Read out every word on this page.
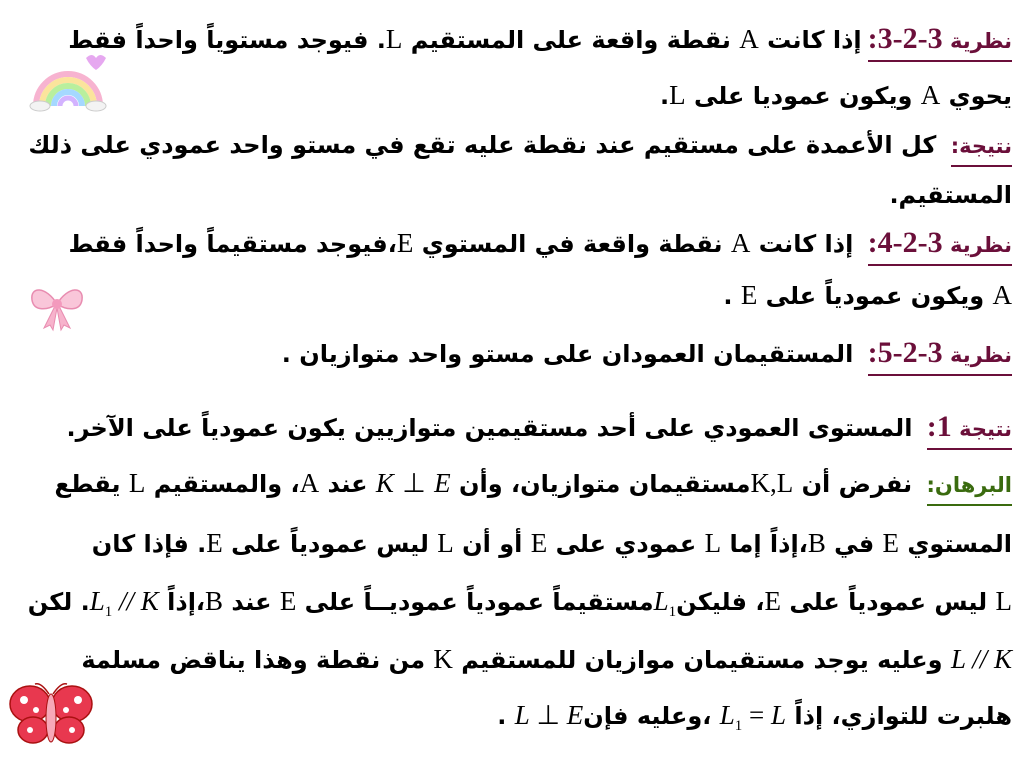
نظرية 3-2-3:إذا كانت A نقطة واقعة على المستقيم L. فيوجد مستوياً واحداً فقط
يحوي A ويكون عموديا على L.
نتيجة: كل الأعمدة على مستقيم عند نقطة عليه تقع في مستو واحد عمودي على ذلك
المستقيم.
نظرية 3-2-4: إذا كانت A نقطة واقعة في المستوي E،فيوجد مستقيماً واحداً فقط
A ويكون عمودياً على E .
نظرية 3-2-5: المستقيمان العمودان على مستو واحد متوازيان .
نتيجة 1: المستوى العمودي على أحد مستقيمين متوازيين يكون عمودياً على الآخر.
البرهان: نفرض أن K,Lمستقيمان متوازيان، وأن K ⊥ E عند A، والمستقيم L يقطع
المستوي E في B،إذاً إما L عمودي على E أو أن L ليس عمودياً على E. فإذا كان
L ليس عمودياً على E، فليكنL$_1$مستقيماً عمودياً عموديــاً على E عند B،إذاً $L_1$ // K. لكن
L // K وعليه يوجد مستقيمان موازيان للمستقيم K من نقطة وهذا يناقض مسلمة
هلبرت للتوازي، إذاً $L_1 = L$ ،وعليه فإنL ⊥ E .
